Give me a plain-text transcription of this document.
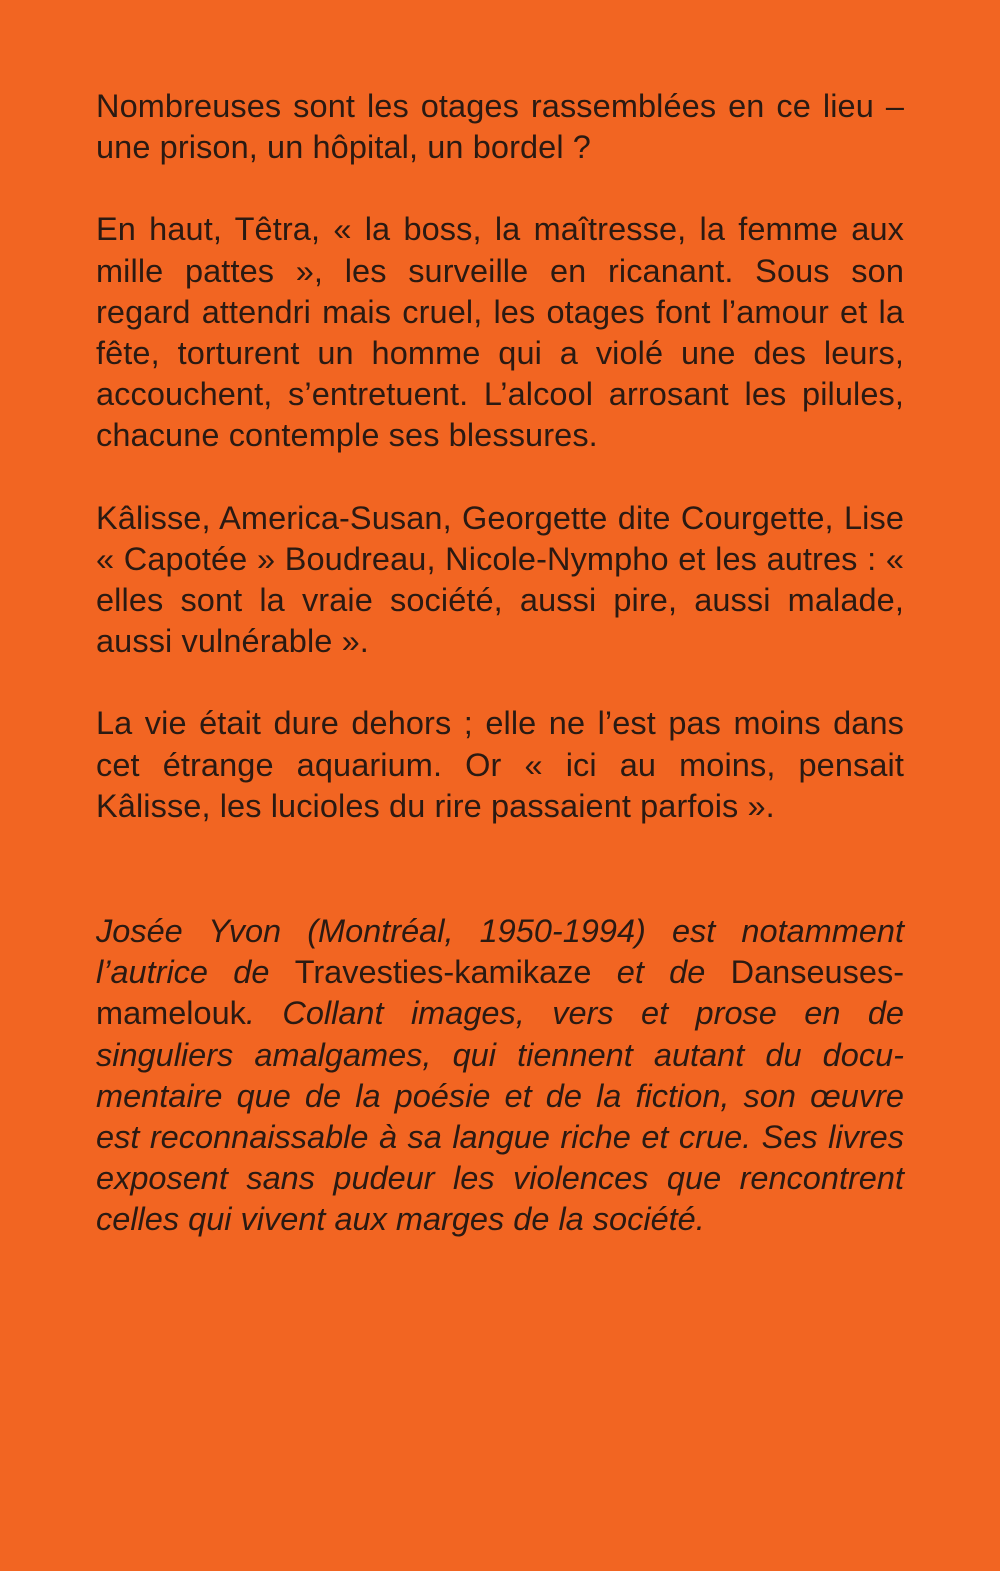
Nombreuses sont les otages rassemblées en ce lieu – une prison, un hôpital, un bordel ?

En haut, Têtra, « la boss, la maîtresse, la femme aux mille pattes », les surveille en ricanant. Sous son regard attendri mais cruel, les otages font l’amour et la fête, torturent un homme qui a violé une des leurs, accouchent, s’entretuent. L’alcool arrosant les pilules, chacune contemple ses blessures.

Kâlisse, America-Susan, Georgette dite Courgette, Lise « Capotée » Boudreau, Nicole-Nympho et les autres : « elles sont la vraie société, aussi pire, aussi malade, aussi vulnérable ».

La vie était dure dehors ; elle ne l’est pas moins dans cet étrange aquarium. Or « ici au moins, pensait Kâlisse, les lucioles du rire passaient parfois ».

Josée Yvon (Montréal, 1950-1994) est notamment l’autrice de Travesties-kamikaze et de Danseuses-mamelouk. Collant images, vers et prose en de singuliers amalgames, qui tiennent autant du documentaire que de la poésie et de la fiction, son œuvre est reconnaissable à sa langue riche et crue. Ses livres exposent sans pudeur les violences que rencontrent celles qui vivent aux marges de la société.
